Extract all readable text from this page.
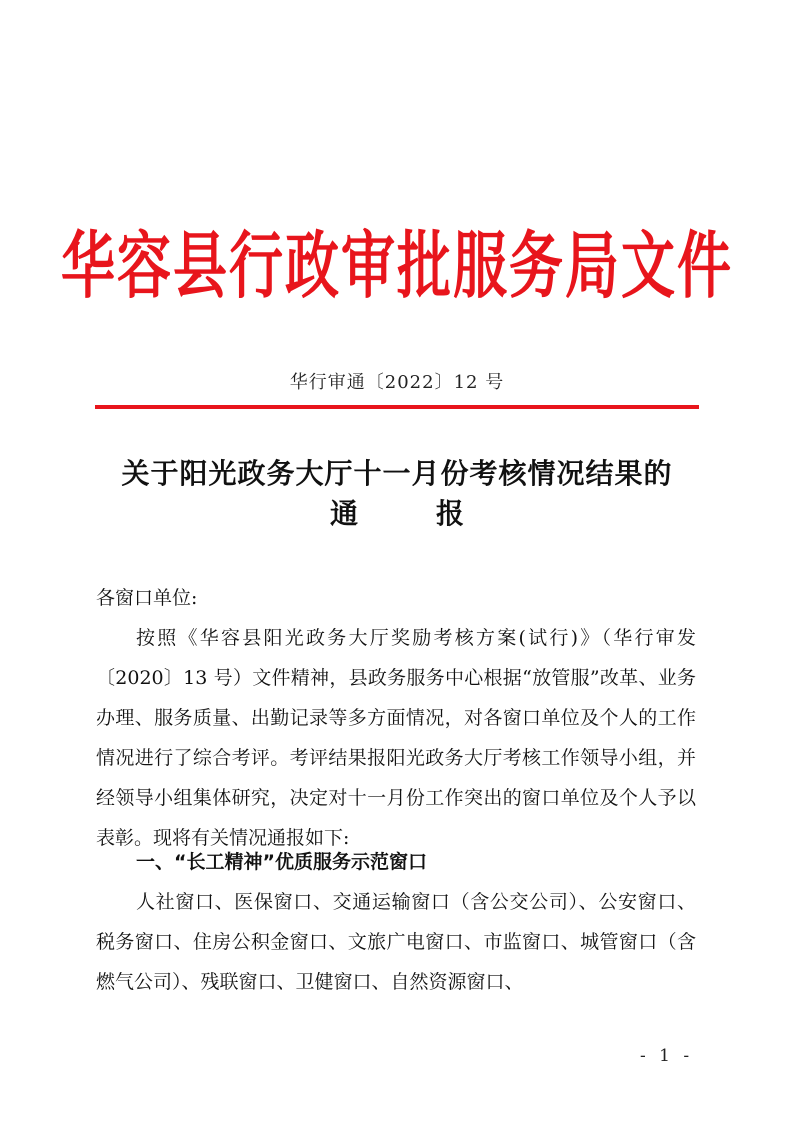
华容县行政审批服务局文件
华行审通〔2022〕12 号
关于阳光政务大厅十一月份考核情况结果的
通	报
各窗口单位:
按照《华容县阳光政务大厅奖励考核方案(试行)》（华行审发〔2020〕13 号）文件精神，县政务服务中心根据“放管服”改革、业务办理、服务质量、出勤记录等多方面情况，对各窗口单位及个人的工作情况进行了综合考评。考评结果报阳光政务大厅考核工作领导小组，并经领导小组集体研究，决定对十一月份工作突出的窗口单位及个人予以表彰。现将有关情况通报如下:
一、“长工精神”优质服务示范窗口
人社窗口、医保窗口、交通运输窗口（含公交公司）、公安窗口、税务窗口、住房公积金窗口、文旅广电窗口、市监窗口、城管窗口（含燃气公司）、残联窗口、卫健窗口、自然资源窗口、
- 1 -
